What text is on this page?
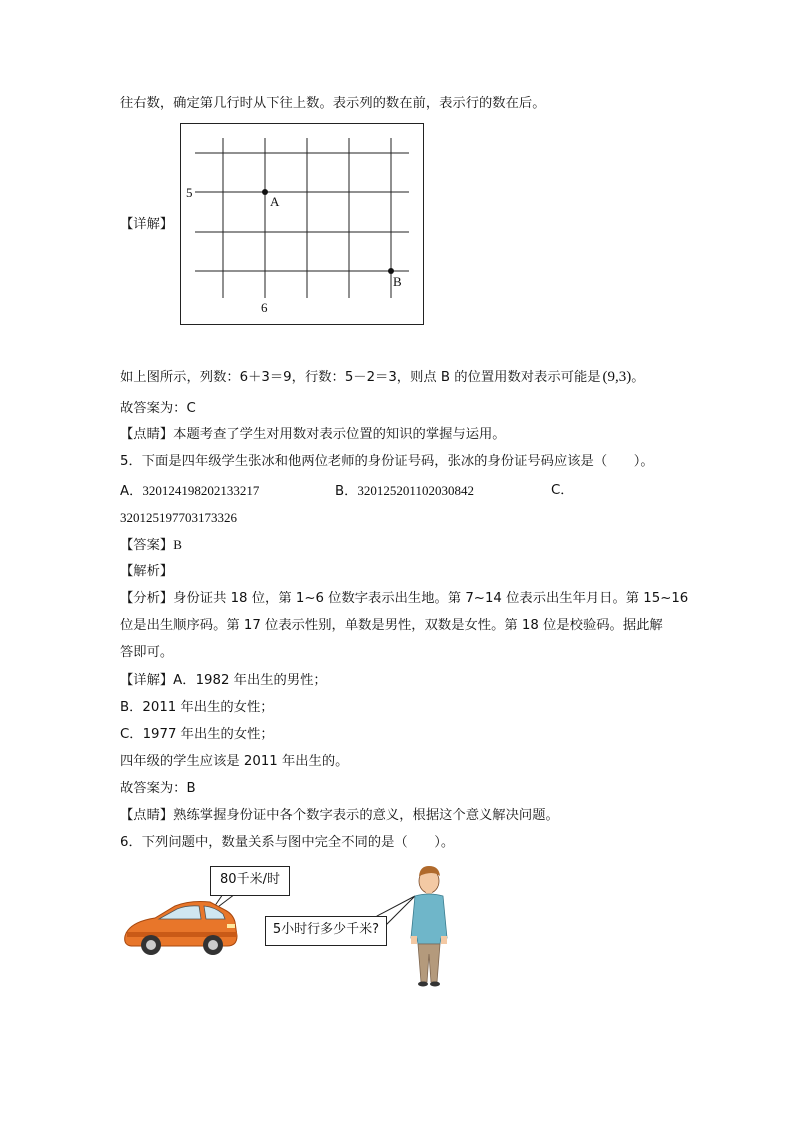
往右数，确定第几行时从下往上数。表示列的数在前，表示行的数在后。
【详解】
5
A
B
6
如上图所示，列数：6＋3＝9，行数：5－2＝3，则点 B 的位置用数对表示可能是 (9,3)。
故答案为：C
【点睛】本题考查了学生对用数对表示位置的知识的掌握与运用。
5．下面是四年级学生张冰和他两位老师的身份证号码，张冰的身份证号码应该是（　　）。
A．320124198202133217	B．320125201102030842	C．
320125197703173326
【答案】B
【解析】
【分析】身份证共 18 位，第 1~6 位数字表示出生地。第 7~14 位表示出生年月日。第 15~16
位是出生顺序码。第 17 位表示性别，单数是男性，双数是女性。第 18 位是校验码。据此解
答即可。
【详解】A．1982 年出生的男性；
B．2011 年出生的女性；
C．1977 年出生的女性；
四年级的学生应该是 2011 年出生的。
故答案为：B
【点睛】熟练掌握身份证中各个数字表示的意义，根据这个意义解决问题。
6．下列问题中，数量关系与图中完全不同的是（　　）。
80千米/时
5小时行多少千米?
